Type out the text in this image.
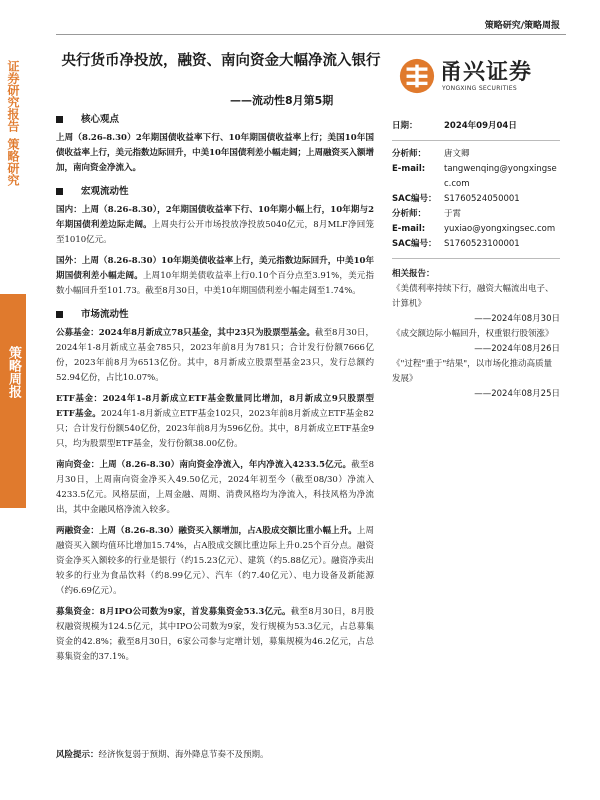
策略研究/策略周报
证券研究报告
策略研究
策略周报
央行货币净投放，融资、南向资金大幅净流入银行
——流动性8月第5期
甬兴证券
YONGXING SECURITIES
核心观点

上周（8.26-8.30）2年期国债收益率下行、10年期国债收益率上行；美国10年国债收益率上行，美元指数边际回升，中美10年国债利差小幅走阔；上周融资买入额增加，南向资金净流入。

宏观流动性

国内：上周（8.26-8.30），2年期国债收益率下行、10年期小幅上行，10年期与2年期国债利差边际走阔。上周央行公开市场投放净投放5040亿元，8月MLF净回笼至1010亿元。

国外：上周（8.26-8.30）10年期美债收益率上行，美元指数边际回升，中美10年期国债利差小幅走阔。上周10年期美债收益率上行0.10个百分点至3.91%，美元指数小幅回升至101.73。截至8月30日，中美10年期国债利差小幅走阔至1.74%。

市场流动性

公募基金：2024年8月新成立78只基金，其中23只为股票型基金。截至8月30日，2024年1-8月新成立基金785只，2023年前8月为781只；合计发行份额7666亿份，2023年前8月为6513亿份。其中，8月新成立股票型基金23只，发行总额约52.94亿份，占比10.07%。

ETF基金：2024年1-8月新成立ETF基金数量同比增加，8月新成立9只股票型ETF基金。2024年1-8月新成立ETF基金102只，2023年前8月新成立ETF基金82只；合计发行份额540亿份，2023年前8月为596亿份。其中，8月新成立ETF基金9只，均为股票型ETF基金，发行份额38.00亿份。

南向资金：上周（8.26-8.30）南向资金净流入，年内净流入4233.5亿元。截至8月30日，上周南向资金净买入49.50亿元，2024年初至今（截至08/30）净流入4233.5亿元。风格层面，上周金融、周期、消费风格均为净流入，科技风格为净流出，其中金融风格净流入较多。

两融资金：上周（8.26-8.30）融资买入额增加，占A股成交额比重小幅上升。上周融资买入额均值环比增加15.74%，占A股成交额比重边际上升0.25个百分点。融资资金净买入额较多的行业是银行（约15.23亿元）、建筑（约5.88亿元）。融资净卖出较多的行业为食品饮料（约8.99亿元）、汽车（约7.40亿元）、电力设备及新能源（约6.69亿元）。

募集资金：8月IPO公司数为9家，首发募集资金53.3亿元。截至8月30日，8月股权融资规模为124.5亿元，其中IPO公司数为9家，发行规模为53.3亿元，占总募集资金的42.8%；截至8月30日，6家公司参与定增计划，募集规模为46.2亿元，占总募集资金的37.1%。

风险提示：经济恢复弱于预期、海外降息节奏不及预期。
日期：	2024年09月04日
分析师：	唐文卿
E-mail:	tangwenqing@yongxingsec.com
SAC编号： S1760524050001
分析师：	于霄
E-mail:	yuxiao@yongxingsec.com
SAC编号： S1760523100001
相关报告：
《美债利率持续下行，融资大幅流出电子、计算机》
——2024年08月30日
《成交额边际小幅回升，权重银行股领涨》
——2024年08月26日
《"过程"重于"结果"，以市场化推动高质量发展》
——2024年08月25日
